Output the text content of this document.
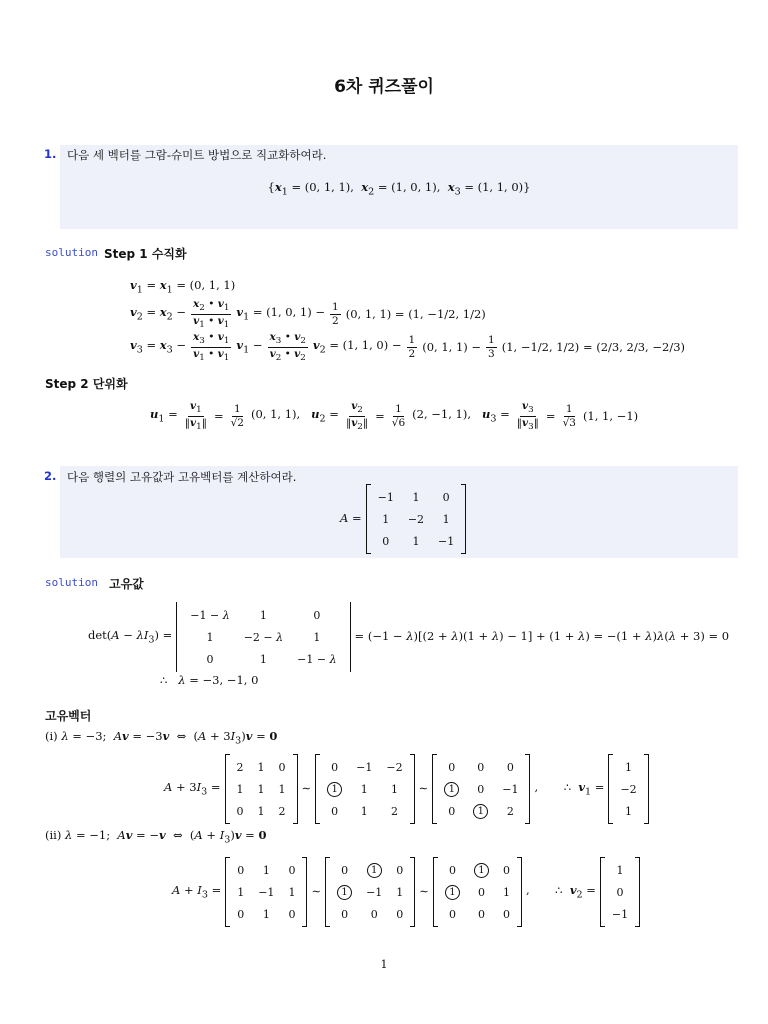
6차 퀴즈풀이
1. 다음 세 벡터를 그람-슈미트 방법으로 직교화하여라.
{$x_1 = (0$, 1, 1),  $x_2 = (1$, 0, 1),  $x_3 = (1$, 1, 0)}
solution Step 1 수직화
$v_1 = x_1 = (0$, 1, 1)
$v_2 = x_2 - \frac{x_2 • v_1}{v_1 • v_1} v_1 = (1$, 0, $1) - \frac{1}{2} (0$, 1, 1) = (1, −1/2, 1/2)
$v_3 = x_3 - \frac{x_3 • v_1}{v_1 • v_1} v_1 - \frac{x_3 • v_2}{v_2 • v_2} v_2 = (1$, 1, $0) - \frac{1}{2} (0$, 1, $1) - \frac{1}{3} (1$, −1/2, 1/2) = (2/3, 2/3, −2/3)
Step 2 단위화
$u_1 = \frac{v_1}{‖v_1‖} = \frac{1}{√2} (0$, 1, 1),   $u_2 = \frac{v_2}{‖v_2‖} = \frac{1}{√6} (2$, −1, 1),   $u_3 = \frac{v_3}{‖v_3‖} = \frac{1}{√3} (1$, 1, −1)
2. 다음 행렬의 고유값과 고유벡터를 계산하여라.
A =
−1	1	0
1	−2	1
0	1	−1
solution 고유값
$\det(A - \lambda I_3)$ =
−1 − λ	1	0
1	−2 − λ	1
0	1	−1 − λ
= (−1 − λ)[(2 + λ)(1 + λ) − 1] + (1 + λ) = −(1 + λ)λ(λ + 3) = 0
∴   λ = −3, −1, 0
고유벡터
(i) λ = −3;  Av = −3v  ⇔  $(A + 3I_3)v = 0$
$A + 3I_3$ =
2	1	0
1	1	1
0	1	2
∼
0	−1	−2
1	1	1
0	1	2
∼
0	0	0
1	0	−1
0	1	2
,       ∴  $v_1$ =
1
−2
1
(ii) λ = −1;  Av = −v  ⇔  $(A + I_3)v = 0$
$A + I_3$ =
0	1	0
1	−1	1
0	1	0
∼
0	1	0
1	−1	1
0	0	0
∼
0	1	0
1	0	1
0	0	0
,       ∴  $v_2$ =
1
0
−1
1
